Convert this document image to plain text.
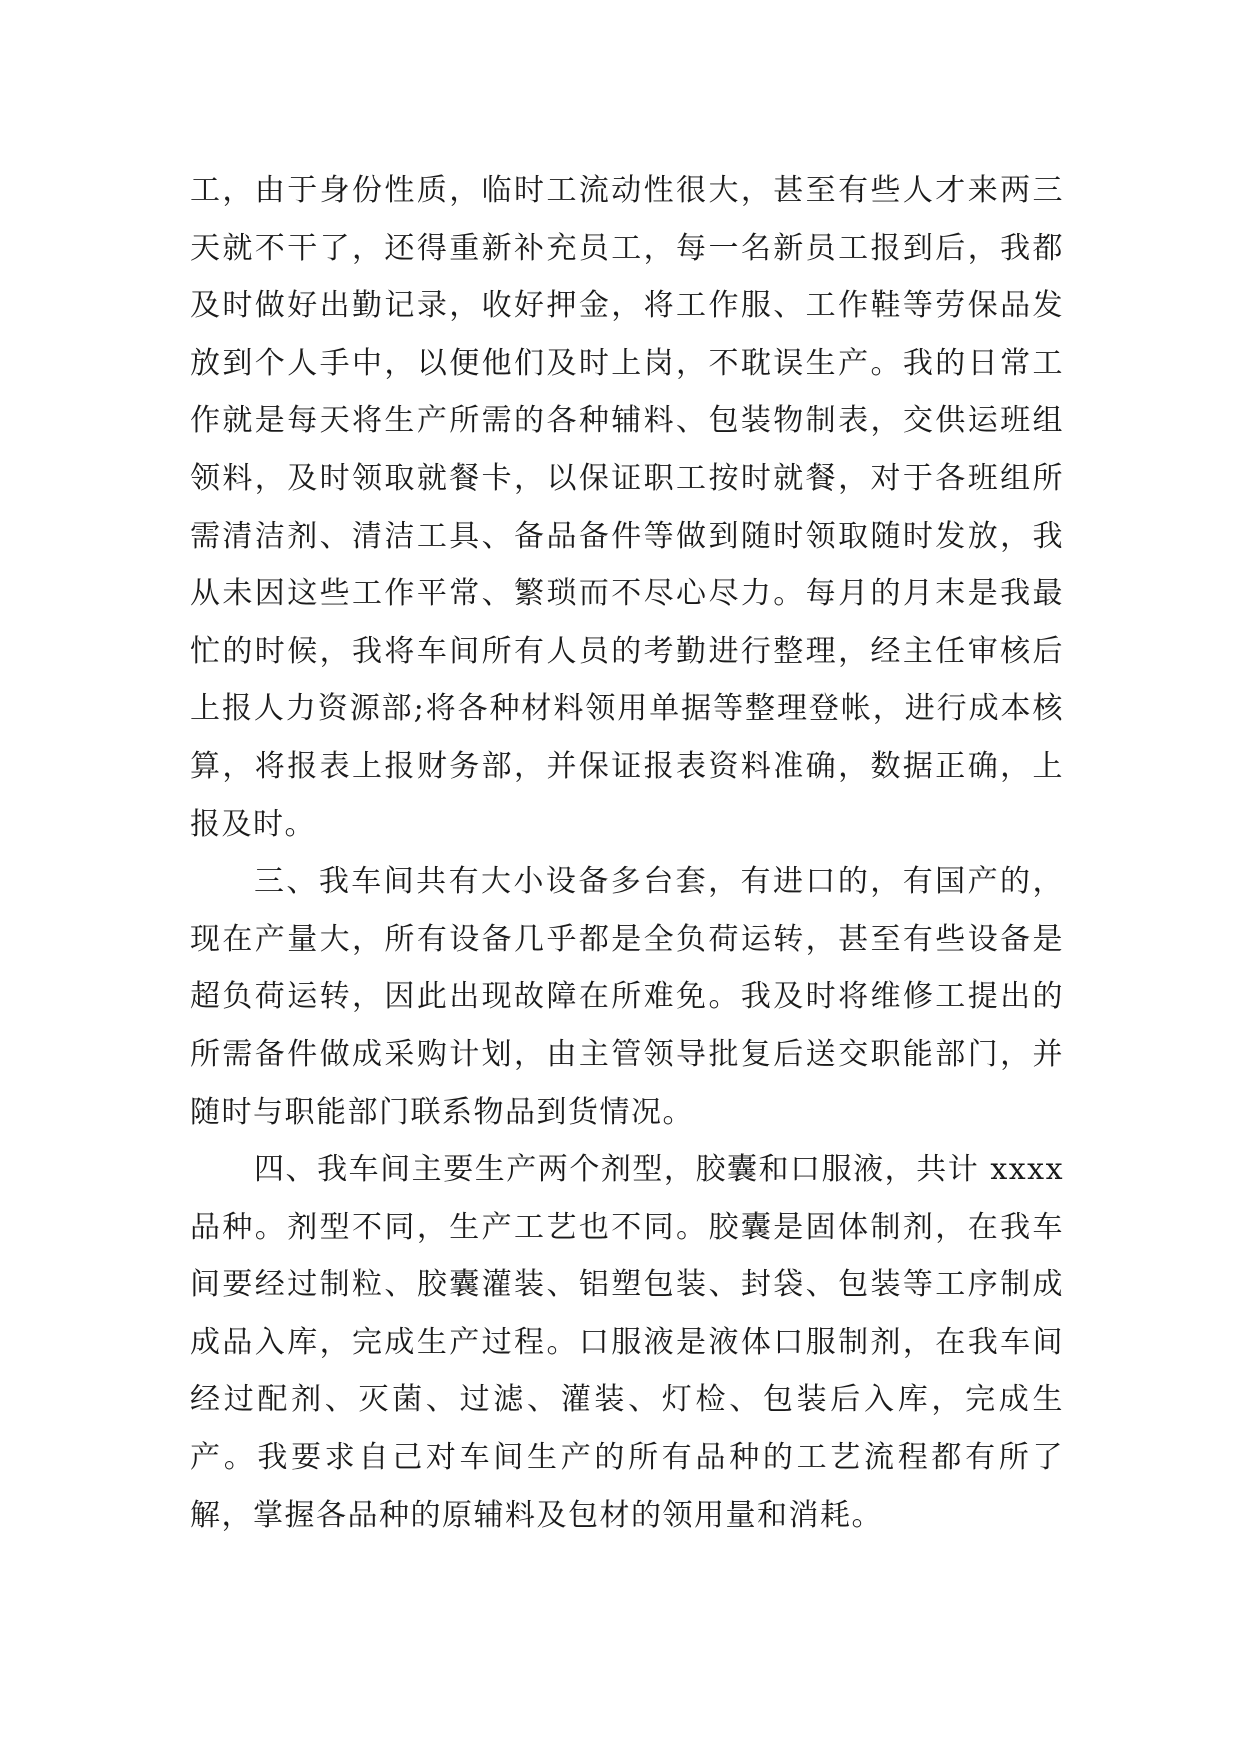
工，由于身份性质，临时工流动性很大，甚至有些人才来两三天就不干了，还得重新补充员工，每一名新员工报到后，我都及时做好出勤记录，收好押金，将工作服、工作鞋等劳保品发放到个人手中，以便他们及时上岗，不耽误生产。我的日常工作就是每天将生产所需的各种辅料、包装物制表，交供运班组领料，及时领取就餐卡，以保证职工按时就餐，对于各班组所需清洁剂、清洁工具、备品备件等做到随时领取随时发放，我从未因这些工作平常、繁琐而不尽心尽力。每月的月末是我最忙的时候，我将车间所有人员的考勤进行整理，经主任审核后上报人力资源部;将各种材料领用单据等整理登帐，进行成本核算，将报表上报财务部，并保证报表资料准确，数据正确，上报及时。

三、我车间共有大小设备多台套，有进口的，有国产的，现在产量大，所有设备几乎都是全负荷运转，甚至有些设备是超负荷运转，因此出现故障在所难免。我及时将维修工提出的所需备件做成采购计划，由主管领导批复后送交职能部门，并随时与职能部门联系物品到货情况。

四、我车间主要生产两个剂型，胶囊和口服液，共计 xxxx 品种。剂型不同，生产工艺也不同。胶囊是固体制剂，在我车间要经过制粒、胶囊灌装、铝塑包装、封袋、包装等工序制成成品入库，完成生产过程。口服液是液体口服制剂，在我车间经过配剂、灭菌、过滤、灌装、灯检、包装后入库，完成生产。我要求自己对车间生产的所有品种的工艺流程都有所了解，掌握各品种的原辅料及包材的领用量和消耗。
